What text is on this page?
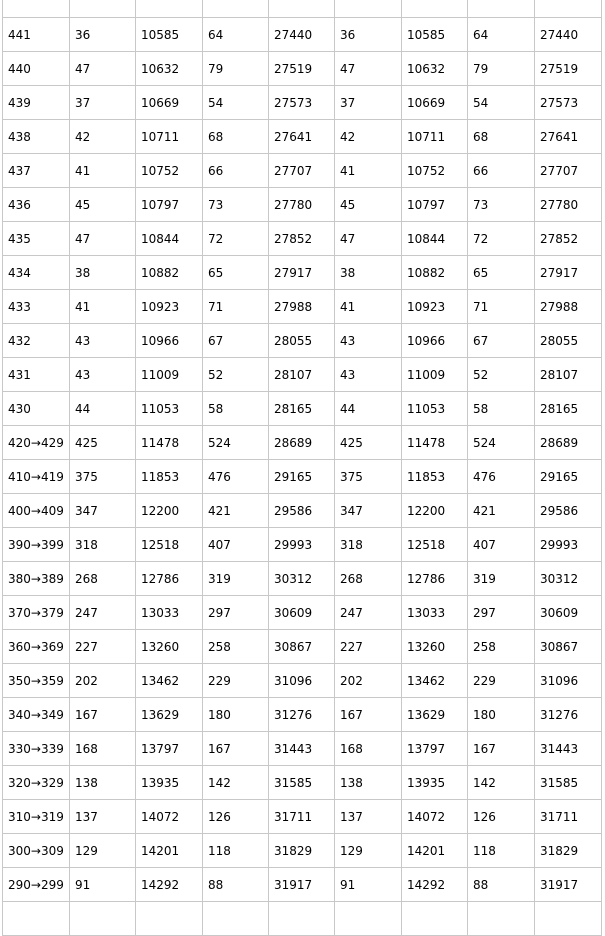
441	36	10585	64	27440	36	10585	64	27440
440	47	10632	79	27519	47	10632	79	27519
439	37	10669	54	27573	37	10669	54	27573
438	42	10711	68	27641	42	10711	68	27641
437	41	10752	66	27707	41	10752	66	27707
436	45	10797	73	27780	45	10797	73	27780
435	47	10844	72	27852	47	10844	72	27852
434	38	10882	65	27917	38	10882	65	27917
433	41	10923	71	27988	41	10923	71	27988
432	43	10966	67	28055	43	10966	67	28055
431	43	11009	52	28107	43	11009	52	28107
430	44	11053	58	28165	44	11053	58	28165
420→429	425	11478	524	28689	425	11478	524	28689
410→419	375	11853	476	29165	375	11853	476	29165
400→409	347	12200	421	29586	347	12200	421	29586
390→399	318	12518	407	29993	318	12518	407	29993
380→389	268	12786	319	30312	268	12786	319	30312
370→379	247	13033	297	30609	247	13033	297	30609
360→369	227	13260	258	30867	227	13260	258	30867
350→359	202	13462	229	31096	202	13462	229	31096
340→349	167	13629	180	31276	167	13629	180	31276
330→339	168	13797	167	31443	168	13797	167	31443
320→329	138	13935	142	31585	138	13935	142	31585
310→319	137	14072	126	31711	137	14072	126	31711
300→309	129	14201	118	31829	129	14201	118	31829
290→299	91	14292	88	31917	91	14292	88	31917
